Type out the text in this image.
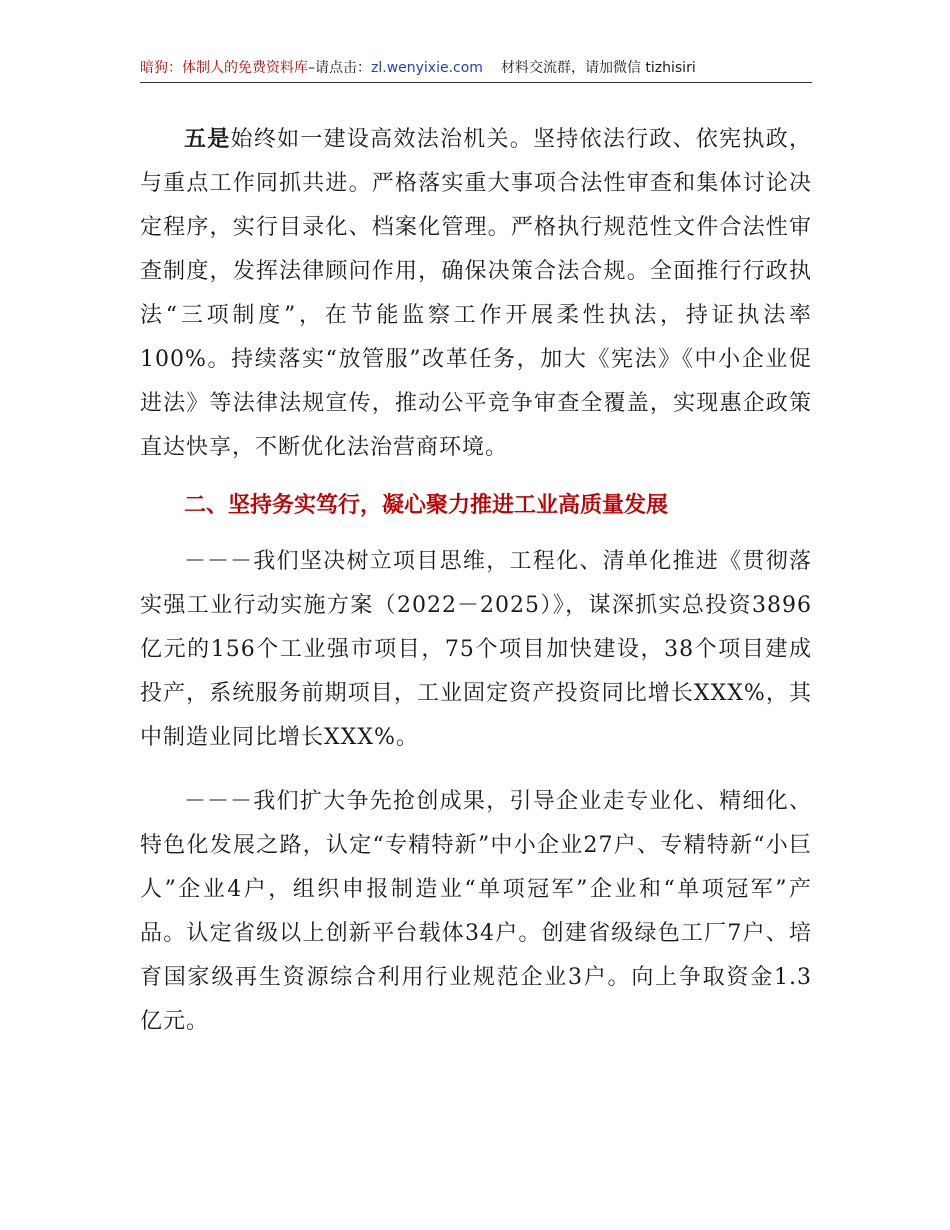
暗狗：体制人的免费资料库–请点击：zl.wenyixie.com 材料交流群，请加微信 tizhisiri

五是始终如一建设高效法治机关。坚持依法行政、依宪执政，与重点工作同抓共进。严格落实重大事项合法性审查和集体讨论决定程序，实行目录化、档案化管理。严格执行规范性文件合法性审查制度，发挥法律顾问作用，确保决策合法合规。全面推行行政执法“三项制度”，在节能监察工作开展柔性执法，持证执法率100%。持续落实“放管服”改革任务，加大《宪法》《中小企业促进法》等法律法规宣传，推动公平竞争审查全覆盖，实现惠企政策直达快享，不断优化法治营商环境。

二、坚持务实笃行，凝心聚力推进工业高质量发展

－－－我们坚决树立项目思维，工程化、清单化推进《贯彻落实强工业行动实施方案（2022－2025）》，谋深抓实总投资3896亿元的156个工业强市项目，75个项目加快建设，38个项目建成投产，系统服务前期项目，工业固定资产投资同比增长XXX%，其中制造业同比增长XXX%。

－－－我们扩大争先抢创成果，引导企业走专业化、精细化、特色化发展之路，认定“专精特新”中小企业27户、专精特新“小巨人”企业4户，组织申报制造业“单项冠军”企业和“单项冠军”产品。认定省级以上创新平台载体34户。创建省级绿色工厂7户、培育国家级再生资源综合利用行业规范企业3户。向上争取资金1.3亿元。
